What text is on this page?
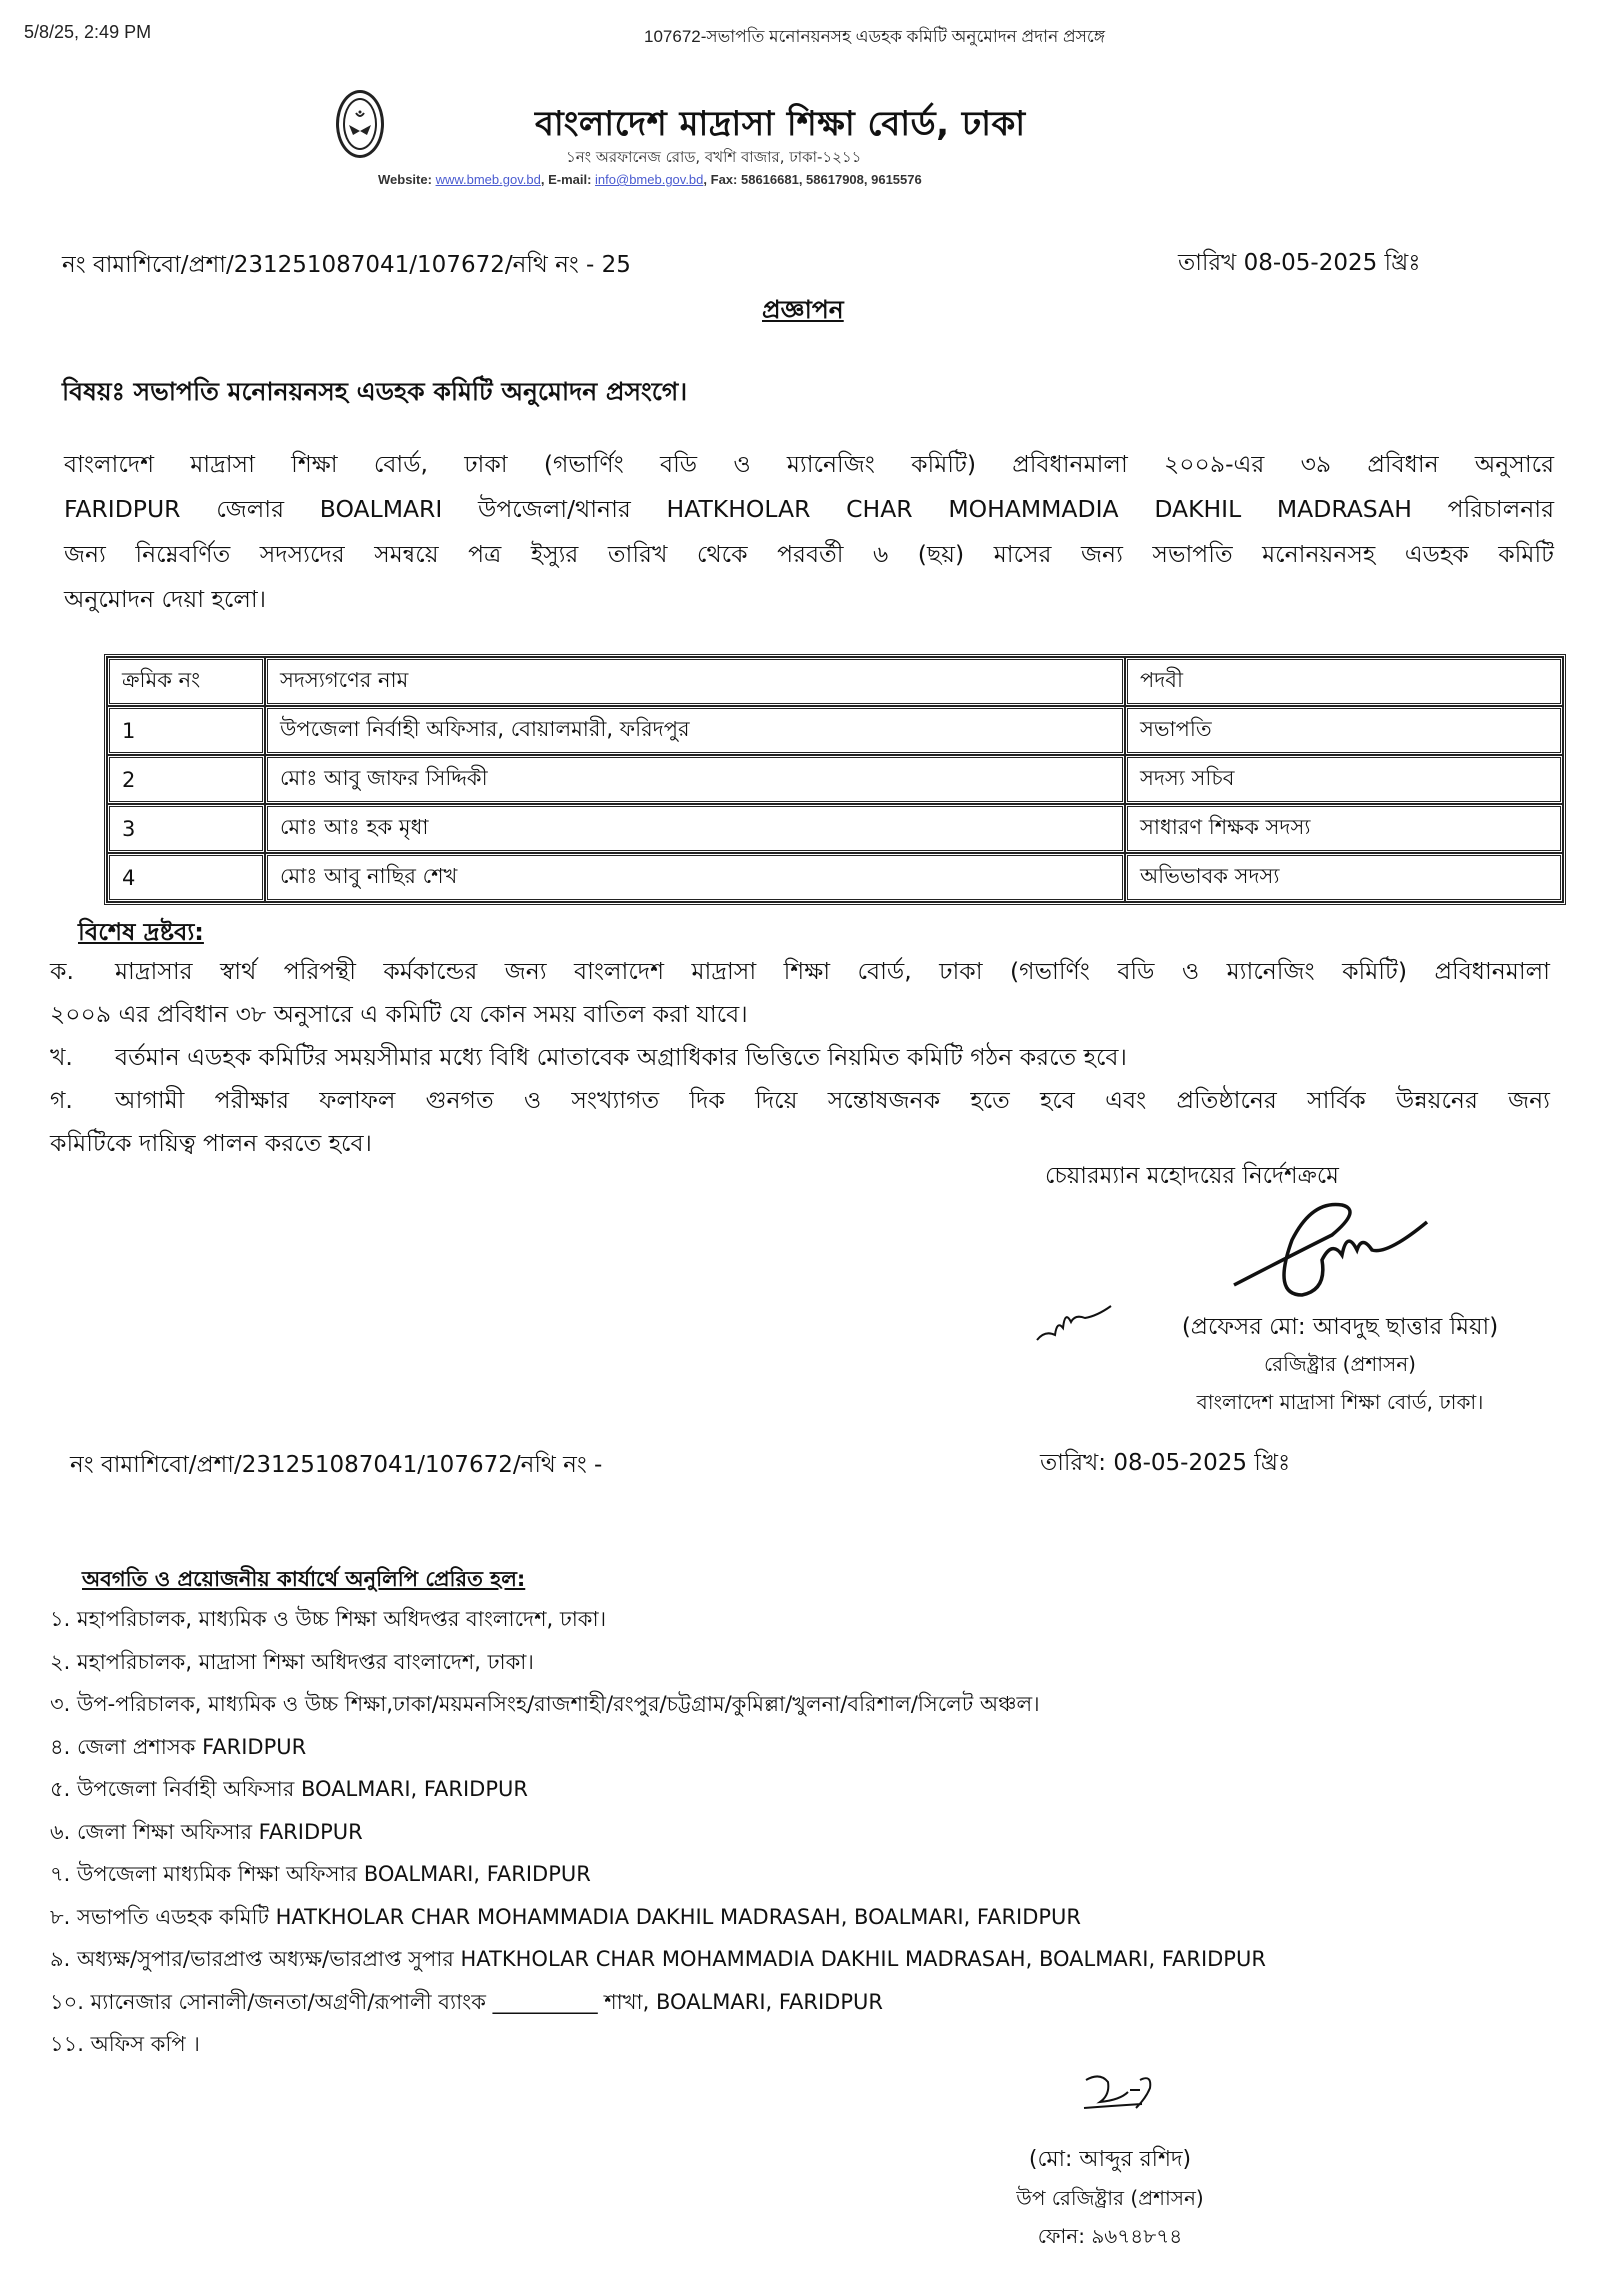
5/8/25, 2:49 PM	107672-সভাপতি মনোনয়নসহ এডহক কমিটি অনুমোদন প্রদান প্রসঙ্গে
বাংলাদেশ মাদ্রাসা শিক্ষা বোর্ড, ঢাকা
১নং অরফানেজ রোড, বখশি বাজার, ঢাকা-১২১১
Website: www.bmeb.gov.bd, E-mail: info@bmeb.gov.bd, Fax: 58616681, 58617908, 9615576
নং বামাশিবো/প্রশা/231251087041/107672/নথি নং - 25	তারিখ 08-05-2025 খ্রিঃ
প্রজ্ঞাপন
বিষয়ঃ সভাপতি মনোনয়নসহ এডহক কমিটি অনুমোদন প্রসংগে।
বাংলাদেশ মাদ্রাসা শিক্ষা বোর্ড, ঢাকা (গভার্ণিং বডি ও ম্যানেজিং কমিটি) প্রবিধানমালা ২০০৯-এর ৩৯ প্রবিধান অনুসারে
FARIDPUR জেলার BOALMARI উপজেলা/থানার HATKHOLAR CHAR MOHAMMADIA DAKHIL MADRASAH পরিচালনার
জন্য নিম্নেবর্ণিত সদস্যদের সমন্বয়ে পত্র ইস্যুর তারিখ থেকে পরবর্তী ৬ (ছয়) মাসের জন্য সভাপতি মনোনয়নসহ এডহক কমিটি
অনুমোদন দেয়া হলো।
ক্রমিক নং	সদস্যগণের নাম	পদবী
1	উপজেলা নির্বাহী অফিসার, বোয়ালমারী, ফরিদপুর	সভাপতি
2	মোঃ আবু জাফর সিদ্দিকী	সদস্য সচিব
3	মোঃ আঃ হক মৃধা	সাধারণ শিক্ষক সদস্য
4	মোঃ আবু নাছির শেখ	অভিভাবক সদস্য
বিশেষ দ্রষ্টব্য:
ক. মাদ্রাসার স্বার্থ পরিপন্থী কর্মকান্ডের জন্য বাংলাদেশ মাদ্রাসা শিক্ষা বোর্ড, ঢাকা (গভার্ণিং বডি ও ম্যানেজিং কমিটি) প্রবিধানমালা
২০০৯ এর প্রবিধান ৩৮ অনুসারে এ কমিটি যে কোন সময় বাতিল করা যাবে।
খ. বর্তমান এডহক কমিটির সময়সীমার মধ্যে বিধি মোতাবেক অগ্রাধিকার ভিত্তিতে নিয়মিত কমিটি গঠন করতে হবে।
গ. আগামী পরীক্ষার ফলাফল গুনগত ও সংখ্যাগত দিক দিয়ে সন্তোষজনক হতে হবে এবং প্রতিষ্ঠানের সার্বিক উন্নয়নের জন্য
কমিটিকে দায়িত্ব পালন করতে হবে।
চেয়ারম্যান মহোদয়ের নির্দেশক্রমে
(প্রফেসর মো: আবদুছ ছাত্তার মিয়া)
রেজিষ্ট্রার (প্রশাসন)
বাংলাদেশ মাদ্রাসা শিক্ষা বোর্ড, ঢাকা।
নং বামাশিবো/প্রশা/231251087041/107672/নথি নং -	তারিখ: 08-05-2025 খ্রিঃ
অবগতি ও প্রয়োজনীয় কার্যার্থে অনুলিপি প্রেরিত হল:
১. মহাপরিচালক, মাধ্যমিক ও উচ্চ শিক্ষা অধিদপ্তর বাংলাদেশ, ঢাকা।
২. মহাপরিচালক, মাদ্রাসা শিক্ষা অধিদপ্তর বাংলাদেশ, ঢাকা।
৩. উপ-পরিচালক, মাধ্যমিক ও উচ্চ শিক্ষা,ঢাকা/ময়মনসিংহ/রাজশাহী/রংপুর/চট্টগ্রাম/কুমিল্লা/খুলনা/বরিশাল/সিলেট অঞ্চল।
৪. জেলা প্রশাসক FARIDPUR
৫. উপজেলা নির্বাহী অফিসার BOALMARI, FARIDPUR
৬. জেলা শিক্ষা অফিসার FARIDPUR
৭. উপজেলা মাধ্যমিক শিক্ষা অফিসার BOALMARI, FARIDPUR
৮. সভাপতি এডহক কমিটি HATKHOLAR CHAR MOHAMMADIA DAKHIL MADRASAH, BOALMARI, FARIDPUR
৯. অধ্যক্ষ/সুপার/ভারপ্রাপ্ত অধ্যক্ষ/ভারপ্রাপ্ত সুপার HATKHOLAR CHAR MOHAMMADIA DAKHIL MADRASAH, BOALMARI, FARIDPUR
১০. ম্যানেজার সোনালী/জনতা/অগ্রণী/রূপালী ব্যাংক __________ শাখা, BOALMARI, FARIDPUR
১১. অফিস কপি ।
(মো: আব্দুর রশিদ)
উপ রেজিষ্ট্রার (প্রশাসন)
ফোন: ৯৬৭৪৮৭৪
